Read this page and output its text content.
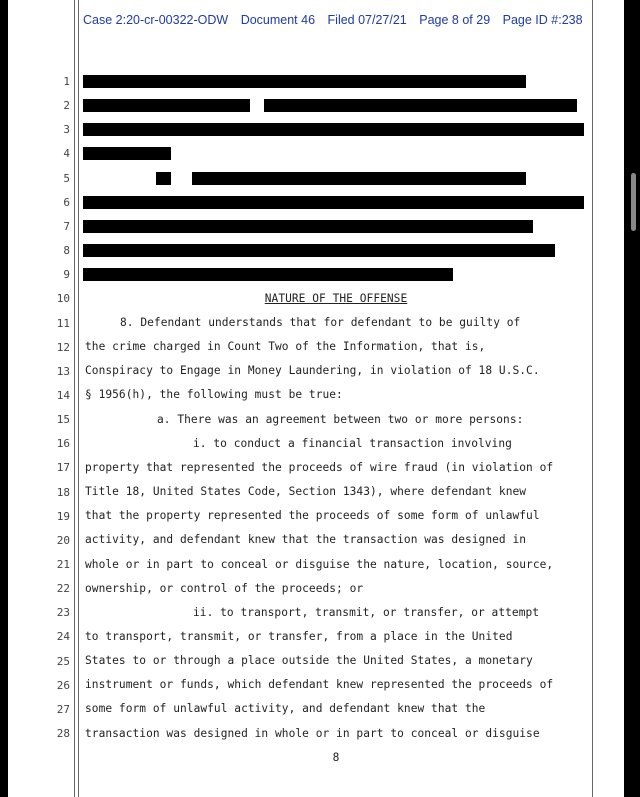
Case 2:20-cr-00322-ODW Document 46 Filed 07/27/21 Page 8 of 29 Page ID #:238
1
2
3
4
5
6
7
8
9
10
11
12
13
14
15
16
17
18
19
20
21
22
23
24
25
26
27
28
NATURE OF THE OFFENSE
8. Defendant understands that for defendant to be guilty of
the crime charged in Count Two of the Information, that is,
Conspiracy to Engage in Money Laundering, in violation of 18 U.S.C.
§ 1956(h), the following must be true:
a. There was an agreement between two or more persons:
i. to conduct a financial transaction involving
property that represented the proceeds of wire fraud (in violation of
Title 18, United States Code, Section 1343), where defendant knew
that the property represented the proceeds of some form of unlawful
activity, and defendant knew that the transaction was designed in
whole or in part to conceal or disguise the nature, location, source,
ownership, or control of the proceeds; or
ii. to transport, transmit, or transfer, or attempt
to transport, transmit, or transfer, from a place in the United
States to or through a place outside the United States, a monetary
instrument or funds, which defendant knew represented the proceeds of
some form of unlawful activity, and defendant knew that the
transaction was designed in whole or in part to conceal or disguise
8
